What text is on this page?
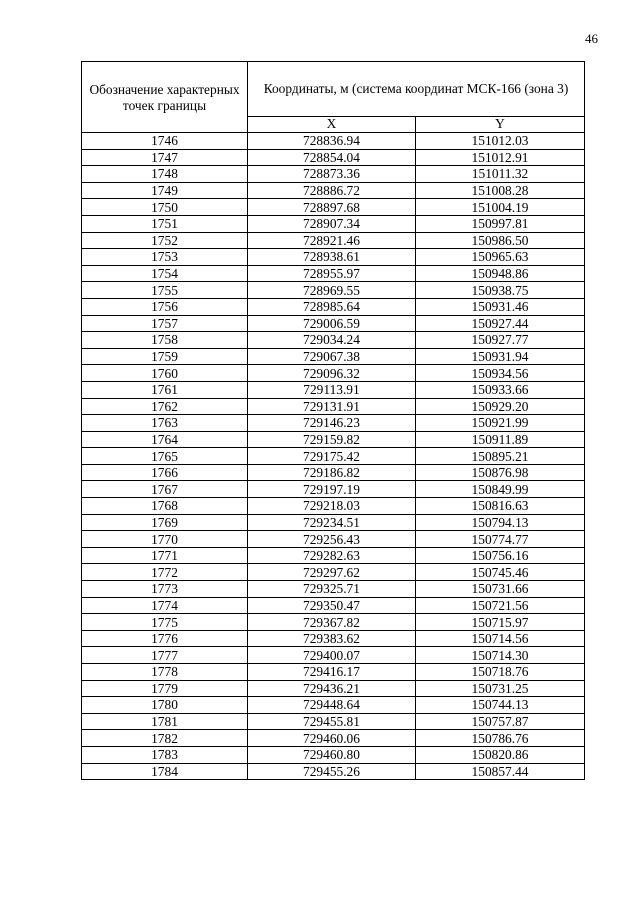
46
Обозначение характерных точек границы	Координаты, м (система координат МСК-166 (зона 3)	
	X	Y
1746	728836.94	151012.03
1747	728854.04	151012.91
1748	728873.36	151011.32
1749	728886.72	151008.28
1750	728897.68	151004.19
1751	728907.34	150997.81
1752	728921.46	150986.50
1753	728938.61	150965.63
1754	728955.97	150948.86
1755	728969.55	150938.75
1756	728985.64	150931.46
1757	729006.59	150927.44
1758	729034.24	150927.77
1759	729067.38	150931.94
1760	729096.32	150934.56
1761	729113.91	150933.66
1762	729131.91	150929.20
1763	729146.23	150921.99
1764	729159.82	150911.89
1765	729175.42	150895.21
1766	729186.82	150876.98
1767	729197.19	150849.99
1768	729218.03	150816.63
1769	729234.51	150794.13
1770	729256.43	150774.77
1771	729282.63	150756.16
1772	729297.62	150745.46
1773	729325.71	150731.66
1774	729350.47	150721.56
1775	729367.82	150715.97
1776	729383.62	150714.56
1777	729400.07	150714.30
1778	729416.17	150718.76
1779	729436.21	150731.25
1780	729448.64	150744.13
1781	729455.81	150757.87
1782	729460.06	150786.76
1783	729460.80	150820.86
1784	729455.26	150857.44
